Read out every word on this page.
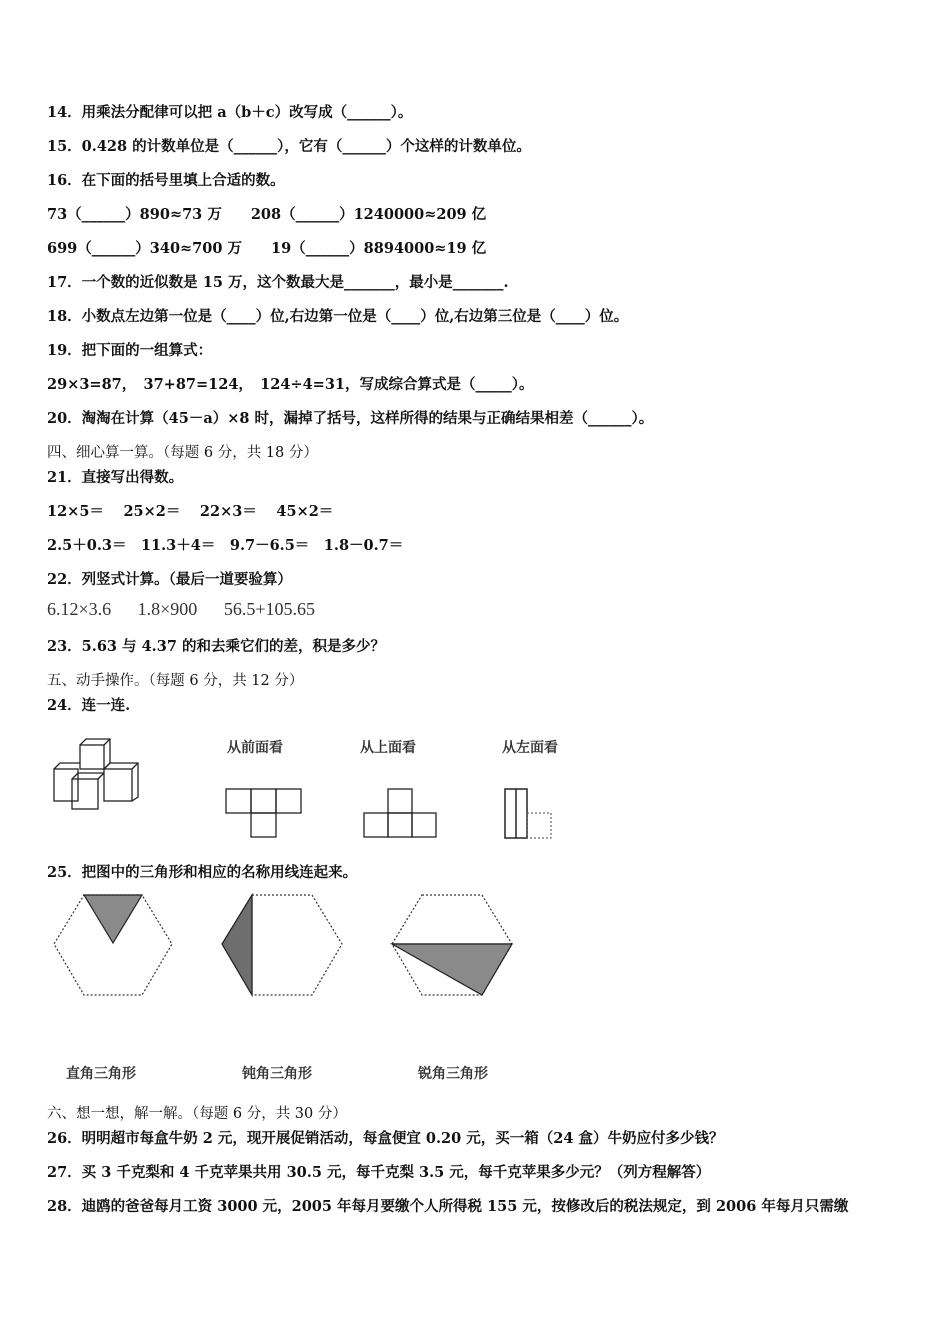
14．用乘法分配律可以把 a（b＋c）改写成（______）。
15．0.428 的计数单位是（______），它有（______）个这样的计数单位。
16．在下面的括号里填上合适的数。
73（______）890≈73 万　　208（______）1240000≈209 亿
699（______）340≈700 万　　19（______）8894000≈19 亿
17．一个数的近似数是 15 万，这个数最大是_______，最小是_______.
18．小数点左边第一位是（____）位,右边第一位是（____）位,右边第三位是（____）位。
19．把下面的一组算式：
29×3=87，　37+87=124，　124÷4=31，写成综合算式是（_____）。
20．淘淘在计算（45－a）×8 时，漏掉了括号，这样所得的结果与正确结果相差（______）。
四、细心算一算。（每题 6 分，共 18 分）
21．直接写出得数。
12×5＝　 25×2＝　 22×3＝　 45×2＝
2.5＋0.3＝　11.3＋4＝　9.7－6.5＝　1.8－0.7＝
22．列竖式计算。（最后一道要验算）
6.12×3.6 1.8×900 56.5+105.65
23．5.63 与 4.37 的和去乘它们的差，积是多少？
五、动手操作。（每题 6 分，共 12 分）
24．连一连.
从前面看	从上面看	从左面看
25．把图中的三角形和相应的名称用线连起来。
直角三角形	钝角三角形	锐角三角形
六、想一想，解一解。（每题 6 分，共 30 分）
26．明明超市每盒牛奶 2 元，现开展促销活动，每盒便宜 0.20 元，买一箱（24 盒）牛奶应付多少钱？
27．买 3 千克梨和 4 千克苹果共用 30.5 元，每千克梨 3.5 元，每千克苹果多少元？（列方程解答）
28．迪鸥的爸爸每月工资 3000 元，2005 年每月要缴个人所得税 155 元，按修改后的税法规定，到 2006 年每月只需缴
